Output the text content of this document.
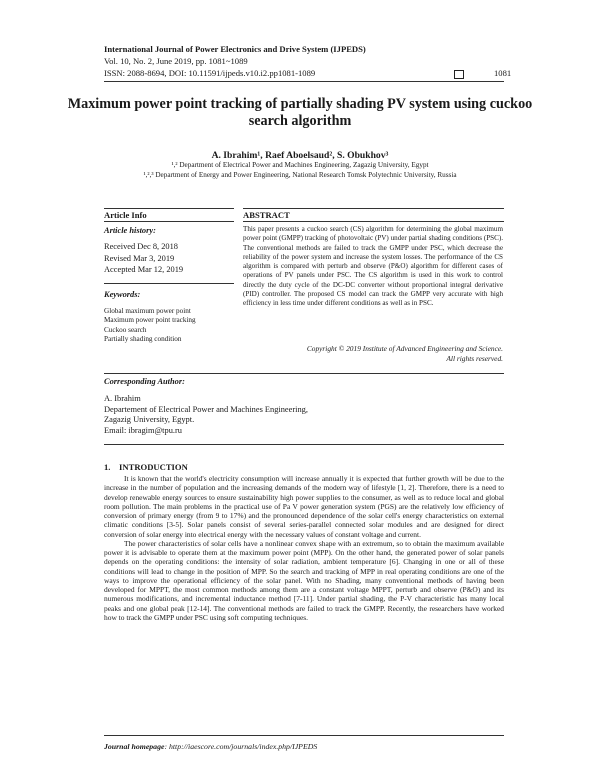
International Journal of Power Electronics and Drive System (IJPEDS)
Vol. 10, No. 2, June 2019, pp. 1081~1089
ISSN: 2088-8694, DOI: 10.11591/ijpeds.v10.i2.pp1081-1089	1081
Maximum power point tracking of partially shading PV system using cuckoo search algorithm
A. Ibrahim¹, Raef Aboelsaud², S. Obukhov³
¹,² Department of Electrical Power and Machines Engineering, Zagazig University, Egypt
¹,²,³ Department of Energy and Power Engineering, National Research Tomsk Polytechnic University, Russia
Article Info
Article history:
Received Dec 8, 2018
Revised Mar 3, 2019
Accepted Mar 12, 2019
Keywords:
Global maximum power point
Maximum power point tracking
Cuckoo search
Partially shading condition
ABSTRACT
This paper presents a cuckoo search (CS) algorithm for determining the global maximum power point (GMPP) tracking of photovoltaic (PV) under partial shading conditions (PSC). The conventional methods are failed to track the GMPP under PSC, which decrease the reliability of the power system and increase the system losses. The performance of the CS algorithm is compared with perturb and observe (P&O) algorithm for different cases of operations of PV panels under PSC. The CS algorithm is used in this work to control directly the duty cycle of the DC-DC converter without proportional integral derivative (PID) controller. The proposed CS model can track the GMPP very accurate with high efficiency in less time under different conditions as well as in PSC.
Copyright © 2019 Institute of Advanced Engineering and Science.
All rights reserved.
Corresponding Author:
A. Ibrahim
Departement of Electrical Power and Machines Engineering,
Zagazig University, Egypt.
Email: ibragim@tpu.ru
1.    INTRODUCTION

It is known that the world's electricity consumption will increase annually it is expected that further growth will be due to the increase in the number of population and the increasing demands of the modern way of lifestyle [1, 2]. Therefore, there is a need to develop renewable energy sources to ensure sustainability high power supplies to the consumer, as well as to reduce local and global room pollution. The main problems in the practical use of Pa V power generation system (PGS) are the relatively low efficiency of conversion of primary energy (from 9 to 17%) and the pronounced dependence of the solar cell's energy characteristics on external climatic conditions [3-5]. Solar panels consist of several series-parallel connected solar modules and are designed for direct conversion of solar energy into electrical energy with the necessary values of constant voltage and current.

The power characteristics of solar cells have a nonlinear convex shape with an extremum, so to obtain the maximum available power it is advisable to operate them at the maximum power point (MPP). On the other hand, the generated power of solar panels depends on the operating conditions: the intensity of solar radiation, ambient temperature [6]. Changing in one or all of these conditions will lead to change in the position of MPP. So the search and tracking of MPP in real operating conditions are one of the ways to improve the operational efficiency of the solar panel. With no Shading, many conventional methods of having been developed for MPPT, the most common methods among them are a constant voltage MPPT, perturb and observe (P&O) and its numerous modifications, and incremental inductance method [7-11]. Under partial shading, the P-V characteristic has many local peaks and one global peak [12-14]. The conventional methods are failed to track the GMPP. Recently, the researchers have worked how to track the GMPP under PSC using soft computing techniques.

Journal homepage: http://iaescore.com/journals/index.php/IJPEDS
